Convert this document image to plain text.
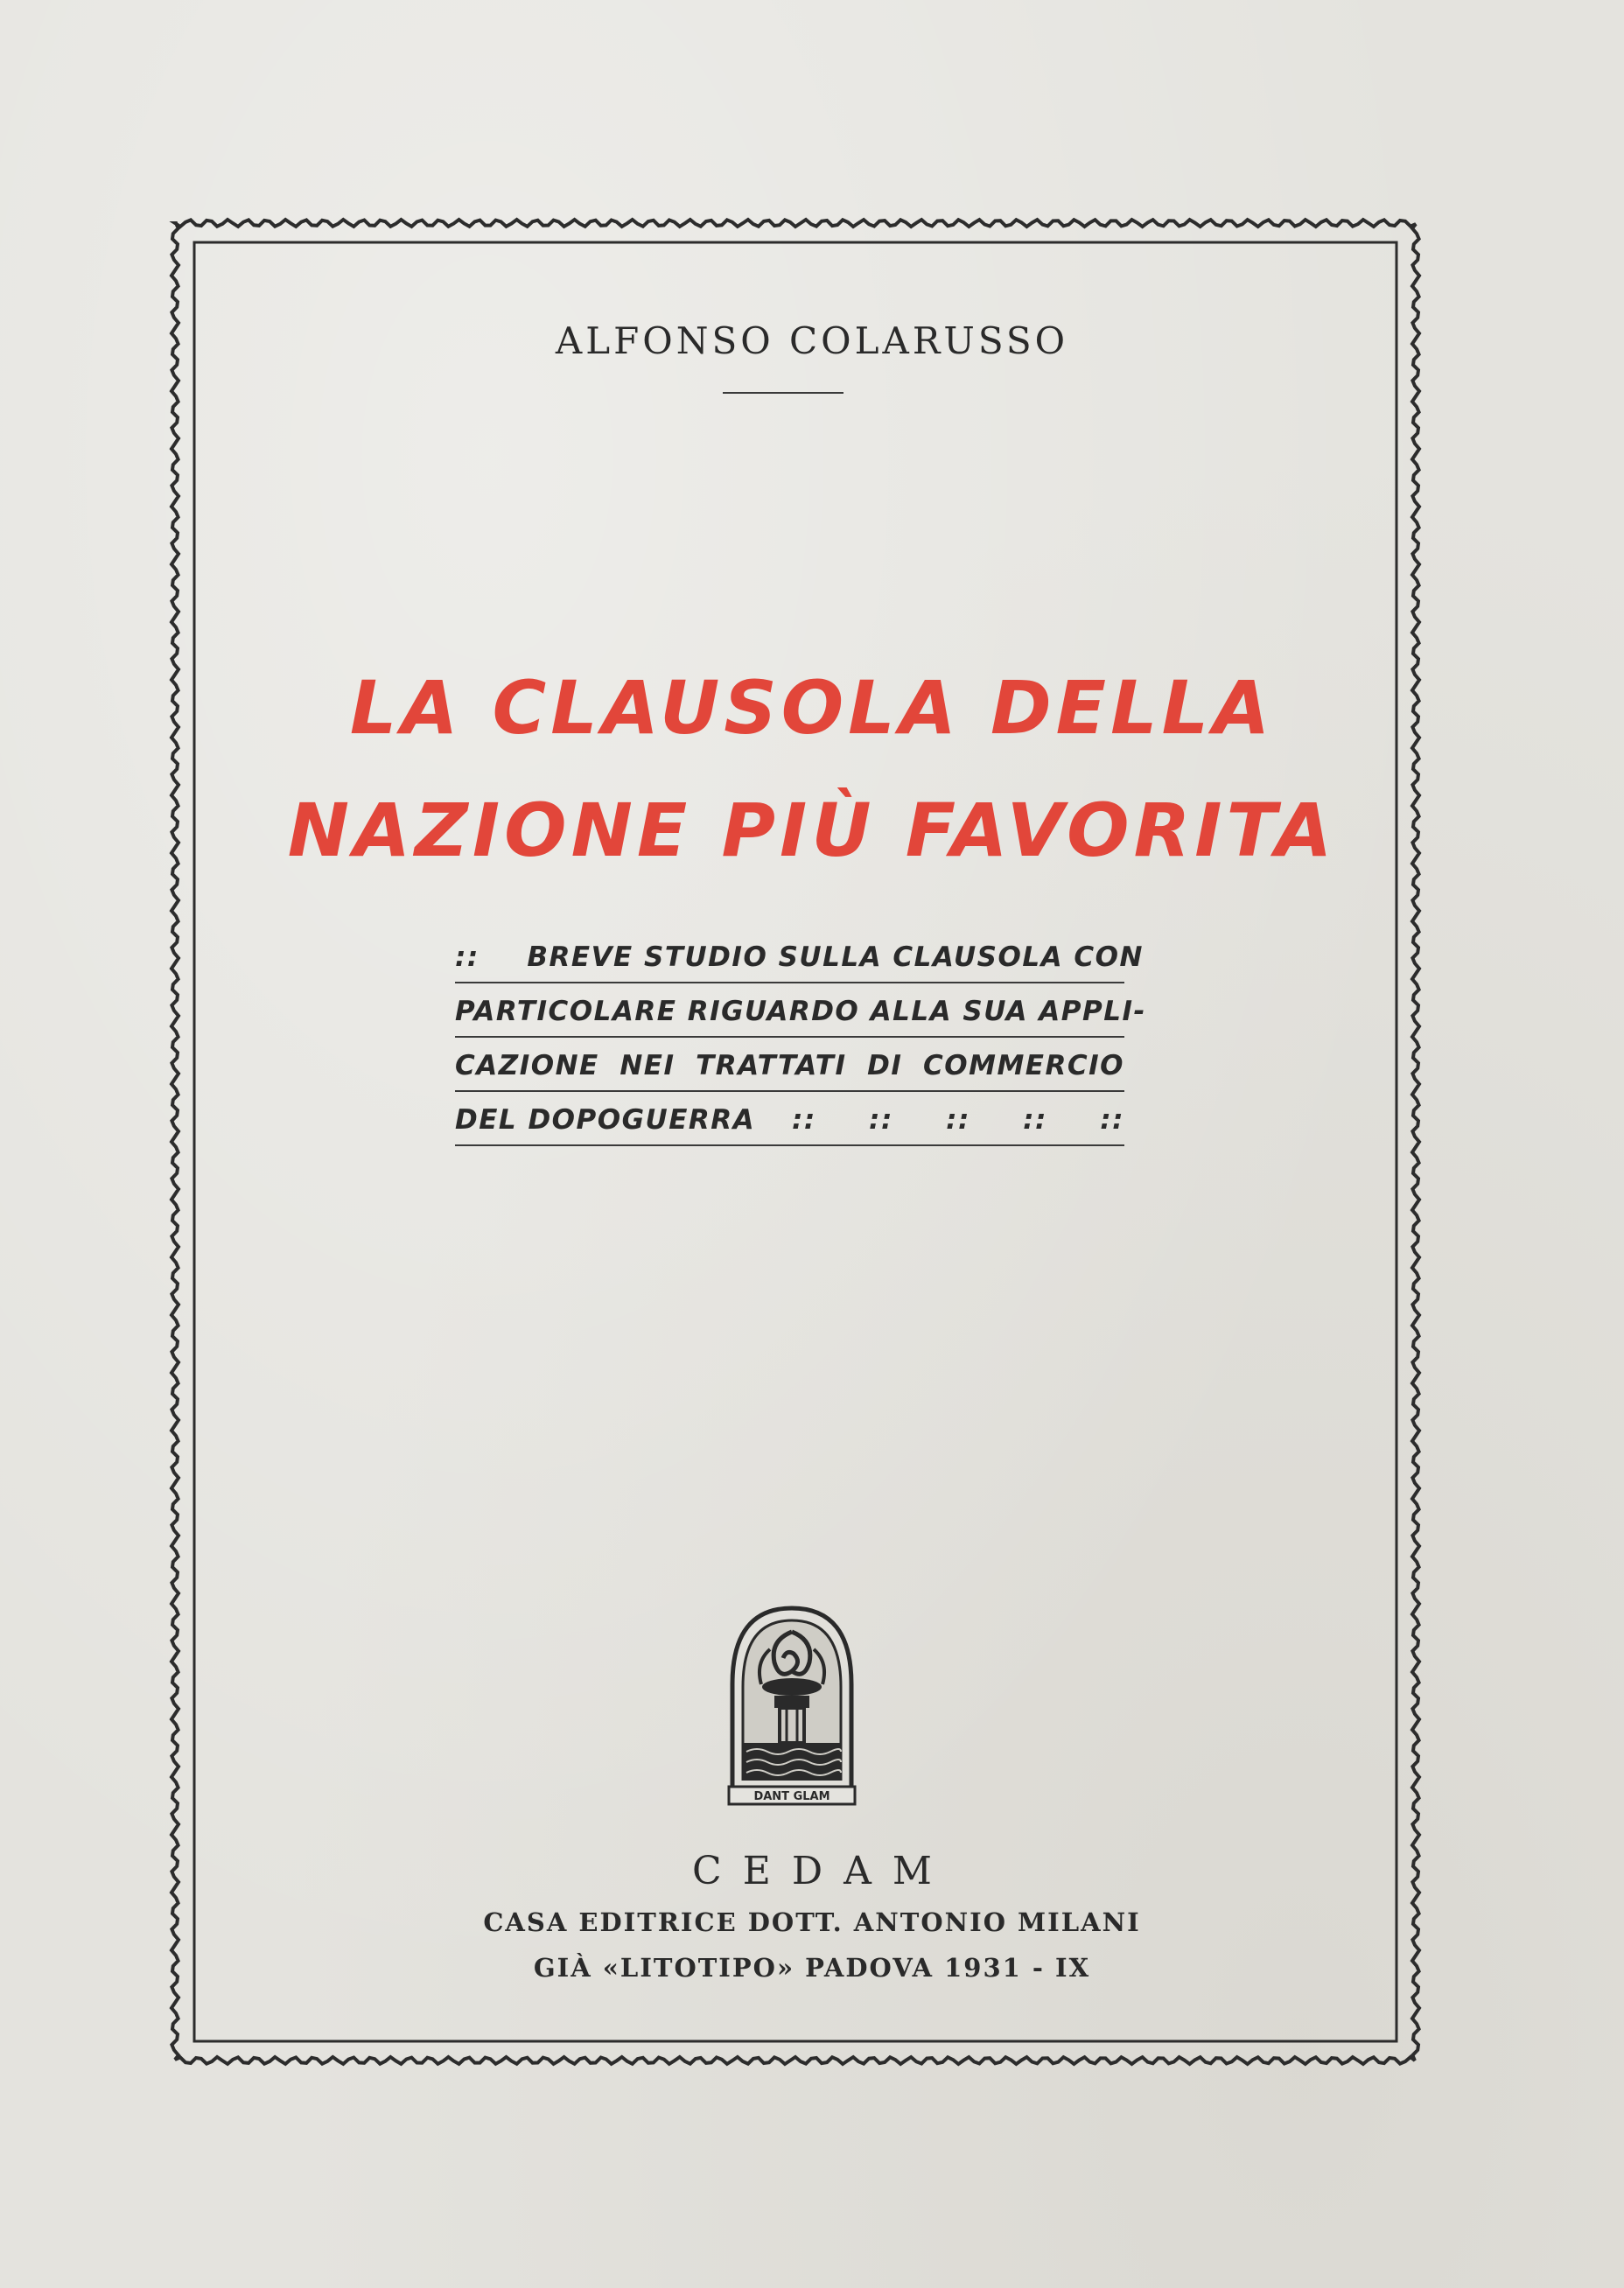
ALFONSO COLARUSSO
LA CLAUSOLA DELLA
NAZIONE PIÙ FAVORITA
:: BREVE STUDIO SULLA CLAUSOLA CON
PARTICOLARE RIGUARDO ALLA SUA APPLI-
CAZIONE NEI TRATTATI DI COMMERCIO
DEL DOPOGUERRA :: :: :: :: ::
DANT GLAM
CEDAM
CASA EDITRICE DOTT. ANTONIO MILANI
GIÀ «LITOTIPO» PADOVA 1931 - IX
